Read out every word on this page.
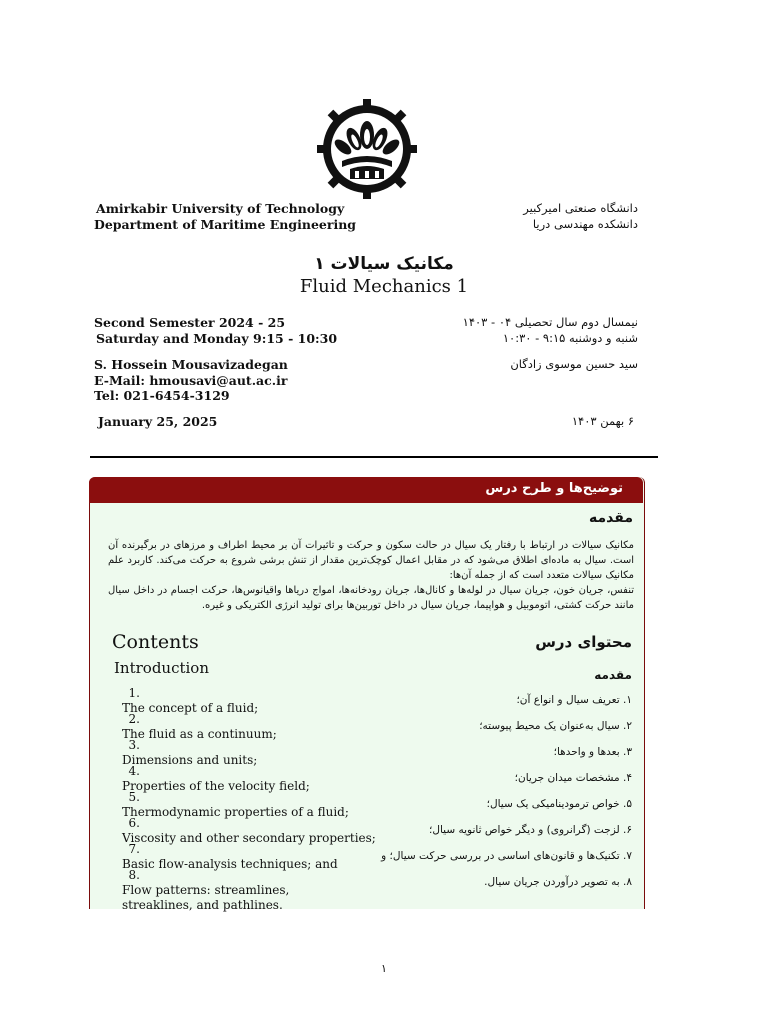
Amirkabir University of Technology
Department of Maritime Engineering
دانشگاه صنعتی امیرکبیر
دانشکده مهندسی دریا
مکانیک سیالات ۱
Fluid Mechanics 1
Second Semester 2024 - 25
Saturday and Monday 9:15 - 10:30
نیمسال دوم سال تحصیلی ۰۴ - ۱۴۰۳
شنبه و دوشنبه ۹:۱۵ - ۱۰:۳۰
S. Hossein Mousavizadegan
E-Mail: hmousavi@aut.ac.ir
Tel: 021-6454-3129
سید حسین موسوی زادگان
January 25, 2025	۶ بهمن ۱۴۰۳
توضیح‌ها و طرح درس
مقدمه
مکانیک سیالات در ارتباط با رفتار یک سیال در حالت سکون و حرکت و تاثیرات آن بر محیط اطراف و مرزهای در برگیرنده آن است. سیال به ماده‌ای اطلاق می‌شود که در مقابل اعمال کوچک‌ترین مقدار از تنش برشی شروع به حرکت می‌کند. کاربرد علم مکانیک سیالات متعدد است که از جمله آن‌ها:
تنفس، جریان خون، جریان سیال در لوله‌ها و کانال‌ها، جریان رودخانه‌ها، امواج دریاها واقیانوس‌ها، حرکت اجسام در داخل سیال مانند حرکت کشتی، اتوموبیل و هواپیما، جریان سیال در داخل توربین‌ها برای تولید انرژی الکتریکی و غیره.
Contents	محتوای درس
Introduction	مقدمه
1. The concept of a fluid;
2. The fluid as a continuum;
3. Dimensions and units;
4. Properties of the velocity field;
5. Thermodynamic properties of a fluid;
6. Viscosity and other secondary properties;
7. Basic flow-analysis techniques; and
8. Flow patterns: streamlines, streaklines, and pathlines.
۱. تعریف سیال و انواع آن؛
۲. سیال به‌عنوان یک محیط پیوسته؛
۳. بعدها و واحدها؛
۴. مشخصات میدان جریان؛
۵. خواص ترمودینامیکی یک سیال؛
۶. لزجت (گرانروی) و دیگر خواص ثانویه سیال؛
۷. تکنیک‌ها و قانون‌های اساسی در بررسی حرکت سیال؛ و
۸. به تصویر درآوردن جریان سیال.
۱
